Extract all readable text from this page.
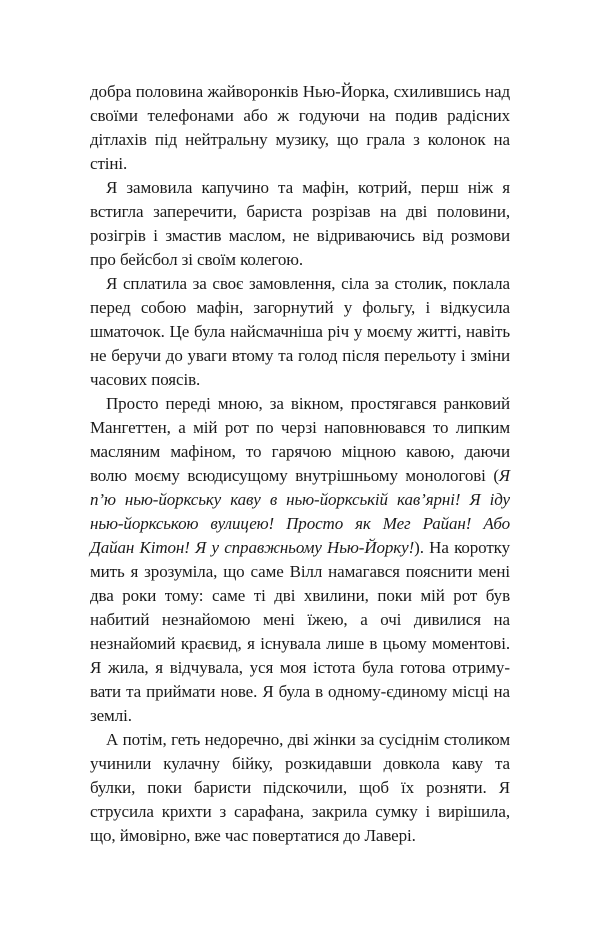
добра половина жайворонків Нью-Йорка, схилившись над своїми телефонами або ж годуючи на подив радісних дітлахів під нейтральну музику, що грала з колонок на стіні.

Я замовила капучино та мафін, котрий, перш ніж я встигла заперечити, бариста розрізав на дві половини, розігрів і змастив маслом, не відриваючись від розмови про бейсбол зі своїм колегою.

Я сплатила за своє замовлення, сіла за столик, поклала перед собою мафін, загорнутий у фольгу, і відкусила шматочок. Це була найсмачніша річ у моєму житті, навіть не беручи до уваги втому та голод після перельоту і зміни часових поясів.

Просто переді мною, за вікном, простягався ранковий Мангеттен, а мій рот по черзі наповнювався то липким масляним мафіном, то гарячою міцною кавою, даючи волю моєму всюдисущому внутрішньому монологові (Я п’ю нью-йоркську каву в нью-йоркській кав’ярні! Я іду нью-йоркською вулицею! Просто як Мег Райан! Або Дайан Кітон! Я у справжньому Нью-Йорку!). На коротку мить я зрозуміла, що саме Вілл намагався пояснити мені два роки тому: саме ті дві хвилини, поки мій рот був набитий незнайомою мені їжею, а очі дивилися на незнайомий краєвид, я існувала лише в цьому моментові. Я жила, я відчувала, уся моя істота була готова отримувати та приймати нове. Я була в одному-єдиному місці на землі.

А потім, геть недоречно, дві жінки за сусіднім столиком учинили кулачну бійку, розкидавши довкола каву та булки, поки баристи підскочили, щоб їх розняти. Я струсила крихти з сарафана, закрила сумку і вирішила, що, ймовірно, вже час повертатися до Лавері.
